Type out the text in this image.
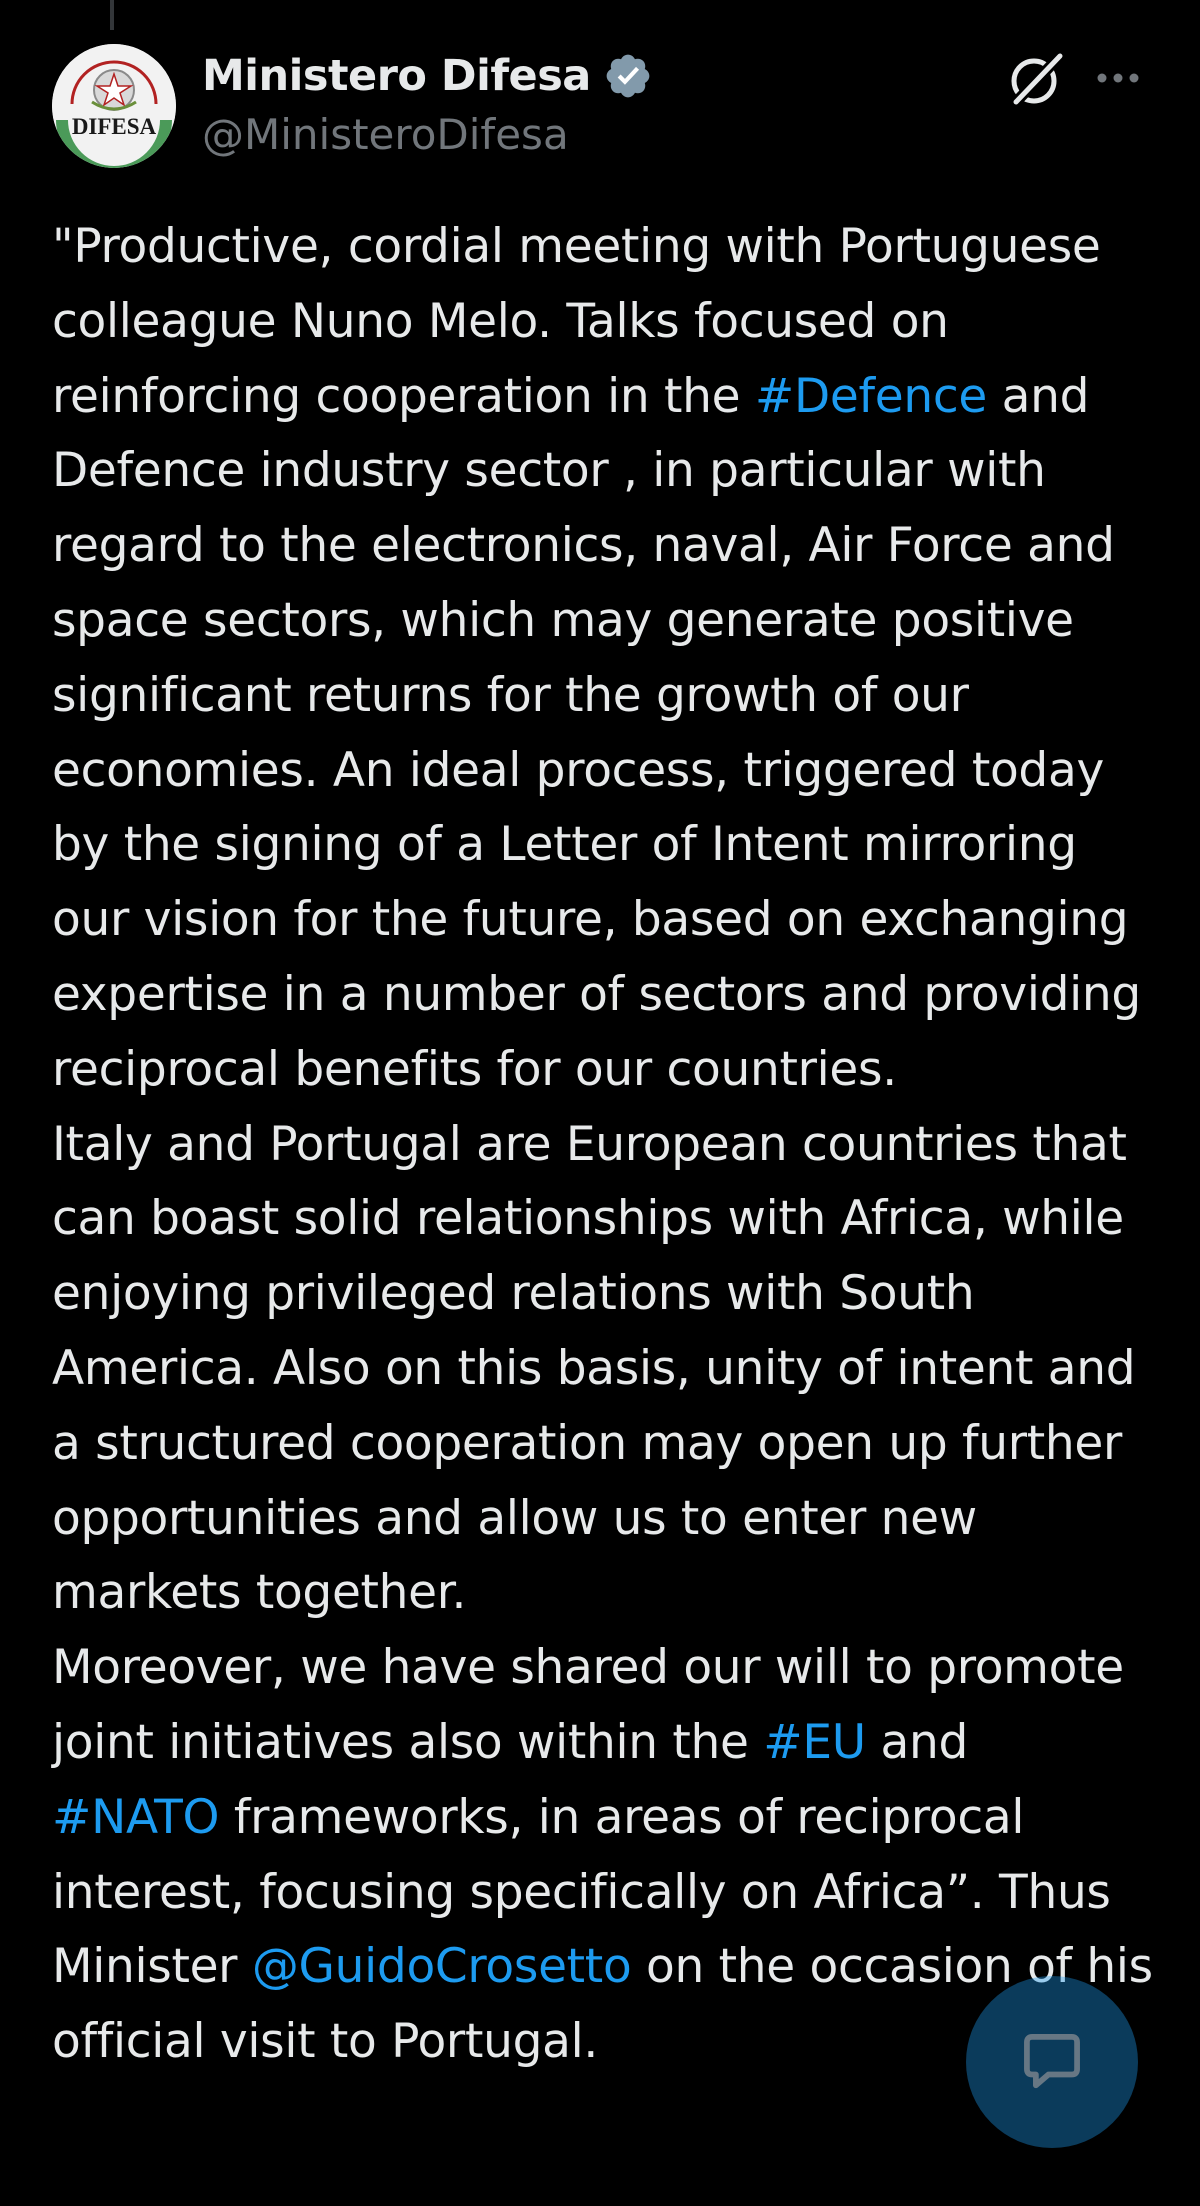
DIFESA
Ministero Difesa
@MinisteroDifesa
"Productive, cordial meeting with Portuguese colleague Nuno Melo. Talks focused on reinforcing cooperation in the #Defence and Defence industry sector , in particular with regard to the electronics, naval, Air Force and space sectors, which may generate positive significant returns for the growth of our economies. An ideal process, triggered today by the signing of a Letter of Intent mirroring our vision for the future, based on exchanging expertise in a number of sectors and providing reciprocal benefits for our countries.
Italy and Portugal are European countries that can boast solid relationships with Africa, while enjoying privileged relations with South America. Also on this basis, unity of intent and a structured cooperation may open up further opportunities and allow us to enter new markets together.
Moreover, we have shared our will to promote joint initiatives also within the #EU and
#NATO frameworks, in areas of reciprocal interest, focusing specifically on Africa”. Thus Minister @GuidoCrosetto on the occasion of his official visit to Portugal.
